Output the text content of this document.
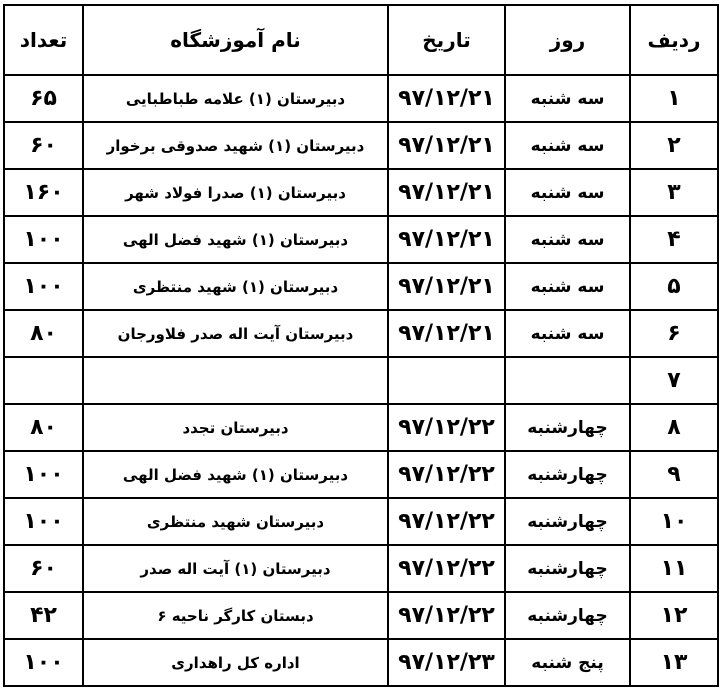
ردیف	روز	تاریخ	نام آموزشگاه	تعداد
۱	سه شنبه	۹۷/۱۲/۲۱	دبیرستان (۱) علامه طباطبایی	۶۵
۲	سه شنبه	۹۷/۱۲/۲۱	دبیرستان (۱) شهید صدوقی برخوار	۶۰
۳	سه شنبه	۹۷/۱۲/۲۱	دبیرستان (۱) صدرا فولاد شهر	۱۶۰
۴	سه شنبه	۹۷/۱۲/۲۱	دبیرستان (۱) شهید فضل الهی	۱۰۰
۵	سه شنبه	۹۷/۱۲/۲۱	دبیرستان (۱) شهید منتظری	۱۰۰
۶	سه شنبه	۹۷/۱۲/۲۱	دبیرستان آیت اله صدر فلاورجان	۸۰
۷				
۸	چهارشنبه	۹۷/۱۲/۲۲	دبیرستان تجدد	۸۰
۹	چهارشنبه	۹۷/۱۲/۲۲	دبیرستان (۱) شهید فضل الهی	۱۰۰
۱۰	چهارشنبه	۹۷/۱۲/۲۲	دبیرستان شهید منتظری	۱۰۰
۱۱	چهارشنبه	۹۷/۱۲/۲۲	دبیرستان (۱) آیت اله صدر	۶۰
۱۲	چهارشنبه	۹۷/۱۲/۲۲	دبستان کارگر ناحیه ۶	۴۲
۱۳	پنج شنبه	۹۷/۱۲/۲۳	اداره کل راهداری	۱۰۰
